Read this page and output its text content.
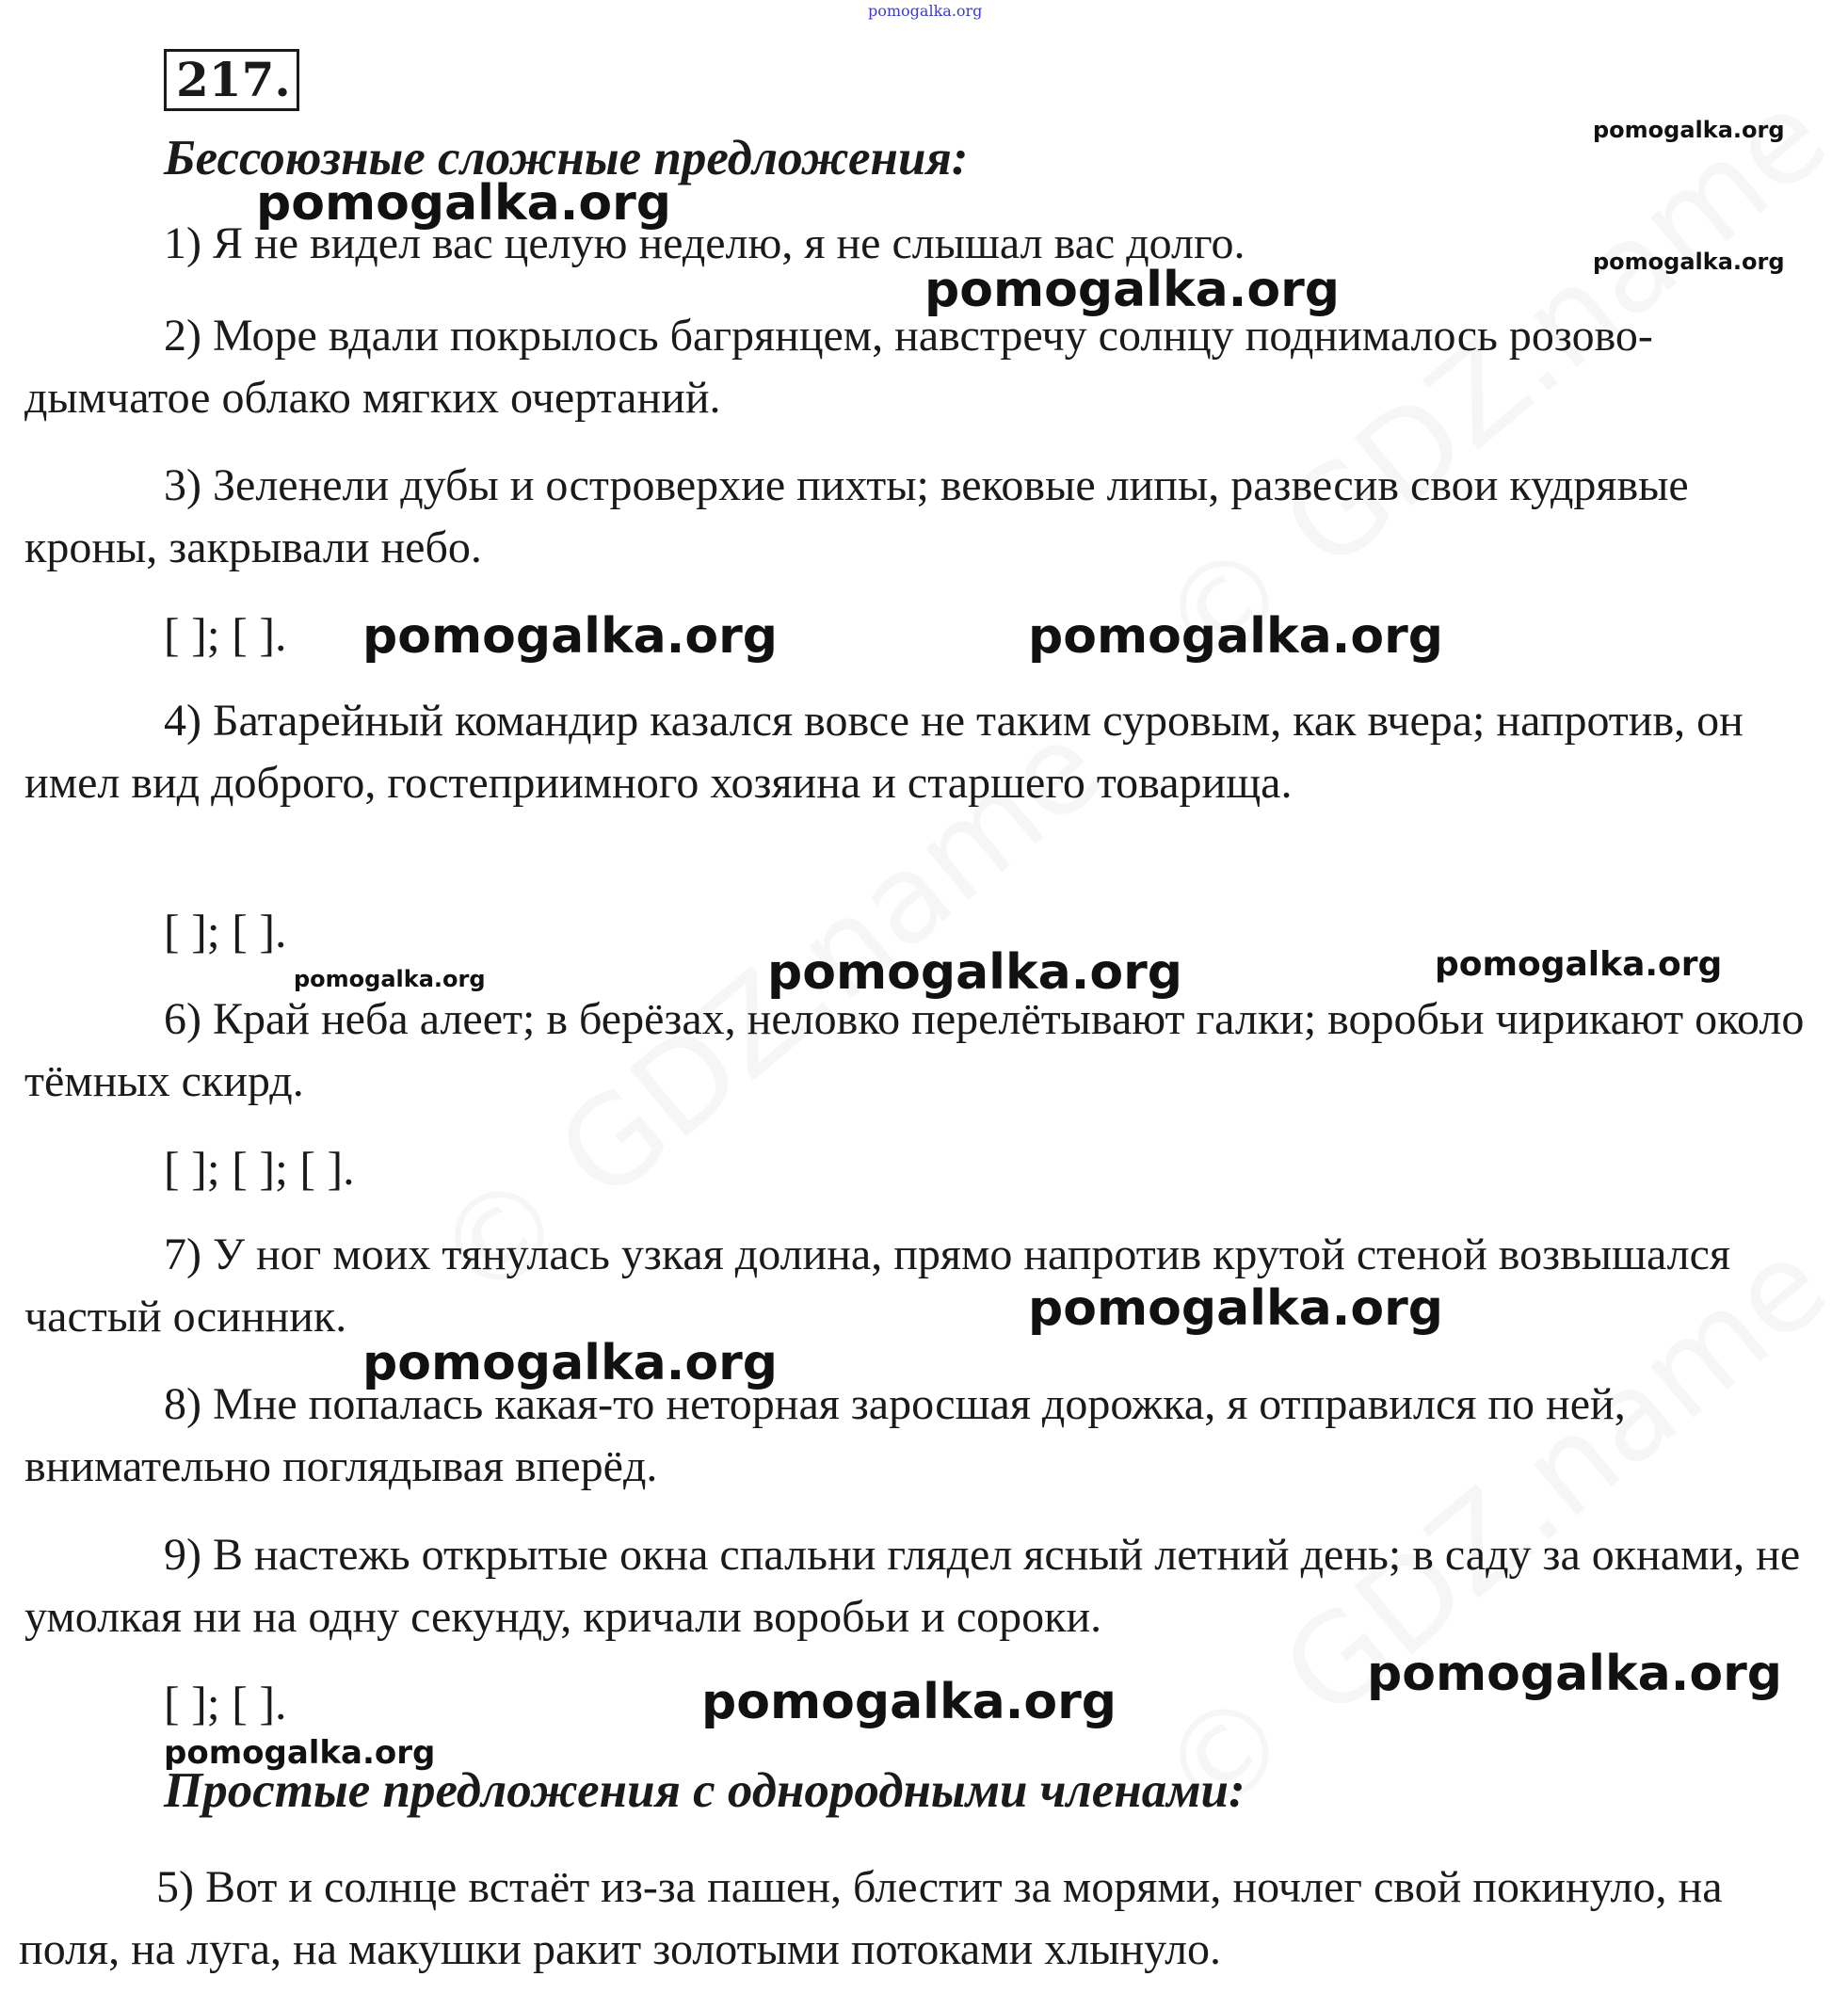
pomogalka.org
217.
Бессоюзные сложные предложения:
1) Я не видел вас целую неделю, я не слышал вас долго.
2) Море вдали покрылось багрянцем, навстречу солнцу поднималось розово-дымчатое облако мягких очертаний.
3) Зеленели дубы и островерхие пихты; вековые липы, развесив свои кудрявые кроны, закрывали небо.
[ ]; [ ].
4) Батарейный командир казался вовсе не таким суровым, как вчера; напротив, он имел вид доброго, гостеприимного хозяина и старшего товарища.
[ ]; [ ].
6) Край неба алеет; в берёзах, неловко перелётывают галки; воробьи чирикают около тёмных скирд.
[ ]; [ ]; [ ].
7) У ног моих тянулась узкая долина, прямо напротив крутой стеной возвышался частый осинник.
8) Мне попалась какая-то неторная заросшая дорожка, я отправился по ней, внимательно поглядывая вперёд.
9) В настежь открытые окна спальни глядел ясный летний день; в саду за окнами, не умолкая ни на одну секунду, кричали воробьи и сороки.
[ ]; [ ].
Простые предложения с однородными членами:
5) Вот и солнце встаёт из-за пашен, блестит за морями, ночлег свой покинуло, на поля, на луга, на макушки ракит золотыми потоками хлынуло.
pomogalka.org
pomogalka.org
pomogalka.org
pomogalka.org
pomogalka.org	pomogalka.org
pomogalka.org	pomogalka.org	pomogalka.org
pomogalka.org
pomogalka.org
pomogalka.org
pomogalka.org
pomogalka.org
